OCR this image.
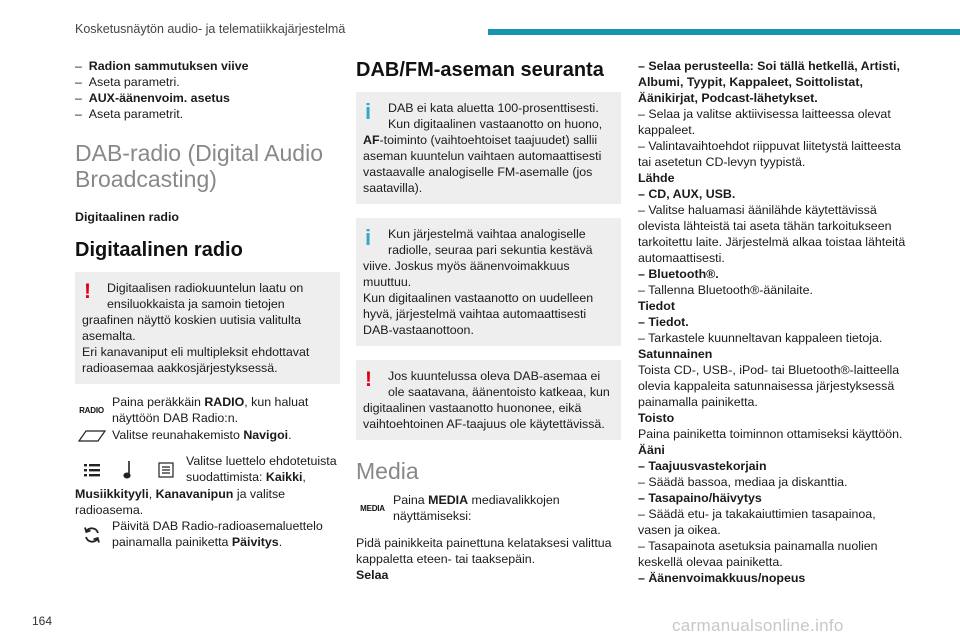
Kosketusnäytön audio- ja telematiikkajärjestelmä
–  Radion sammutuksen viive
–  Aseta parametri.
–  AUX-äänenvoim. asetus
–  Aseta parametrit.
DAB-radio (Digital Audio
Broadcasting)
Digitaalinen radio
Digitaalinen radio
!	Digitaalisen radiokuuntelun laatu on
ensiluokkaista ja samoin tietojen
graafinen näyttö koskien uutisia valitulta
asemalta.
Eri kanavaniput eli multipleksit ehdottavat
radioasemaa aakkosjärjestyksessä.
RADIO
Paina peräkkäin RADIO, kun haluat
näyttöön DAB Radio:n.
Valitse reunahakemisto Navigoi.
Valitse luettelo ehdotetuista
suodattimista: Kaikki,
Musiikkityyli, Kanavanipun ja valitse
radioasema.
Päivitä DAB Radio-radioasemaluettelo
painamalla painiketta Päivitys.
DAB/FM-aseman seuranta
i	DAB ei kata aluetta 100-prosenttisesti.
Kun digitaalinen vastaanotto on huono,
AF-toiminto (vaihtoehtoiset taajuudet) sallii
aseman kuuntelun vaihtaen automaattisesti
vastaavalle analogiselle FM-asemalle (jos
saatavilla).
i	Kun järjestelmä vaihtaa analogiselle
radiolle, seuraa pari sekuntia kestävä
viive. Joskus myös äänenvoimakkuus
muuttuu.
Kun digitaalinen vastaanotto on uudelleen
hyvä, järjestelmä vaihtaa automaattisesti
DAB-vastaanottoon.
!	Jos kuuntelussa oleva DAB-asemaa ei
ole saatavana, äänentoisto katkeaa, kun
digitaalinen vastaanotto huononee, eikä
vaihtoehtoinen AF-taajuus ole käytettävissä.
Media
MEDIA
Paina MEDIA mediavalikkojen
näyttämiseksi:
Pidä painikkeita painettuna kelataksesi valittua
kappaletta eteen- tai taaksepäin.
Selaa
– Selaa perusteella: Soi tällä hetkellä, Artisti,
Albumi, Tyypit, Kappaleet, Soittolistat,
Äänikirjat, Podcast-lähetykset.
– Selaa ja valitse aktiivisessa laitteessa olevat
kappaleet.
– Valintavaihtoehdot riippuvat liitetystä laitteesta
tai asetetun CD-levyn tyypistä.
Lähde
– CD, AUX, USB.
– Valitse haluamasi äänilähde käytettävissä
olevista lähteistä tai aseta tähän tarkoitukseen
tarkoitettu laite. Järjestelmä alkaa toistaa lähteitä
automaattisesti.
– Bluetooth®.
– Tallenna Bluetooth®-äänilaite.
Tiedot
– Tiedot.
– Tarkastele kuunneltavan kappaleen tietoja.
Satunnainen
Toista CD-, USB-, iPod- tai Bluetooth®-laitteella
olevia kappaleita satunnaisessa järjestyksessä
painamalla painiketta.
Toisto
Paina painiketta toiminnon ottamiseksi käyttöön.
Ääni
– Taajuusvastekorjain
– Säädä bassoa, mediaa ja diskanttia.
– Tasapaino/häivytys
– Säädä etu- ja takakaiuttimien tasapainoa,
vasen ja oikea.
– Tasapainota asetuksia painamalla nuolien
keskellä olevaa painiketta.
– Äänenvoimakkuus/nopeus
164	carmanualsonline.info
